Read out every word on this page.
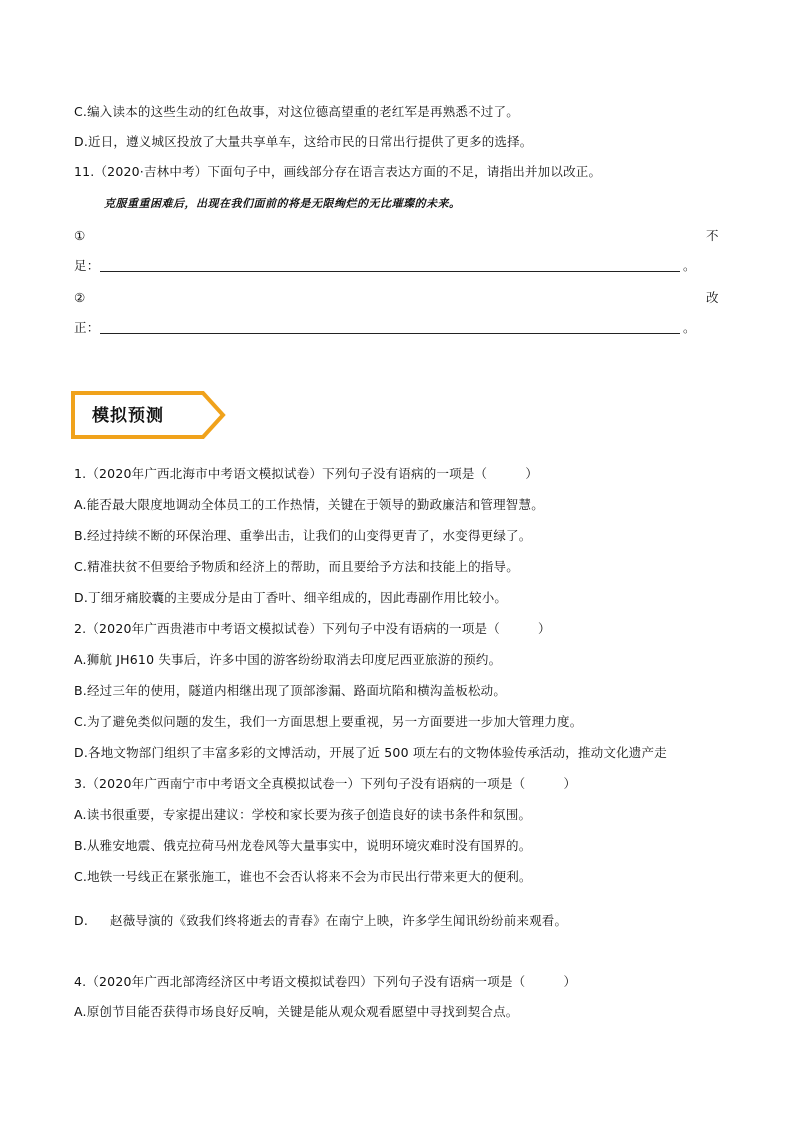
C.编入读本的这些生动的红色故事，对这位德高望重的老红军是再熟悉不过了。
D.近日，遵义城区投放了大量共享单车，这给市民的日常出行提供了更多的选择。
11.（2020·吉林中考）下面句子中，画线部分存在语言表达方面的不足，请指出并加以改正。
克服重重困难后，出现在我们面前的将是无限绚烂的无比璀璨的未来。
①	不
足：	。
②	改
正：	。
模拟预测
1.（2020年广西北海市中考语文模拟试卷）下列句子没有语病的一项是（　　　）
A.能否最大限度地调动全体员工的工作热情，关键在于领导的勤政廉洁和管理智慧。
B.经过持续不断的环保治理、重拳出击，让我们的山变得更青了，水变得更绿了。
C.精准扶贫不但要给予物质和经济上的帮助，而且要给予方法和技能上的指导。
D.丁细牙痛胶囊的主要成分是由丁香叶、细辛组成的，因此毒副作用比较小。
2.（2020年广西贵港市中考语文模拟试卷）下列句子中没有语病的一项是（　　　）
A.狮航 JH610 失事后，许多中国的游客纷纷取消去印度尼西亚旅游的预约。
B.经过三年的使用，隧道内相继出现了顶部渗漏、路面坑陷和横沟盖板松动。
C.为了避免类似问题的发生，我们一方面思想上要重视，另一方面要进一步加大管理力度。
D.各地文物部门组织了丰富多彩的文博活动，开展了近 500 项左右的文物体验传承活动，推动文化遗产走
3.（2020年广西南宁市中考语文全真模拟试卷一）下列句子没有语病的一项是（　　　）
A.读书很重要，专家提出建议：学校和家长要为孩子创造良好的读书条件和氛围。
B.从雅安地震、俄克拉荷马州龙卷风等大量事实中，说明环境灾难时没有国界的。
C.地铁一号线正在紧张施工，谁也不会否认将来不会为市民出行带来更大的便利。
D. 赵薇导演的《致我们终将逝去的青春》在南宁上映，许多学生闻讯纷纷前来观看。
4.（2020年广西北部湾经济区中考语文模拟试卷四）下列句子没有语病一项是（　　　）
A.原创节目能否获得市场良好反响，关键是能从观众观看愿望中寻找到契合点。
